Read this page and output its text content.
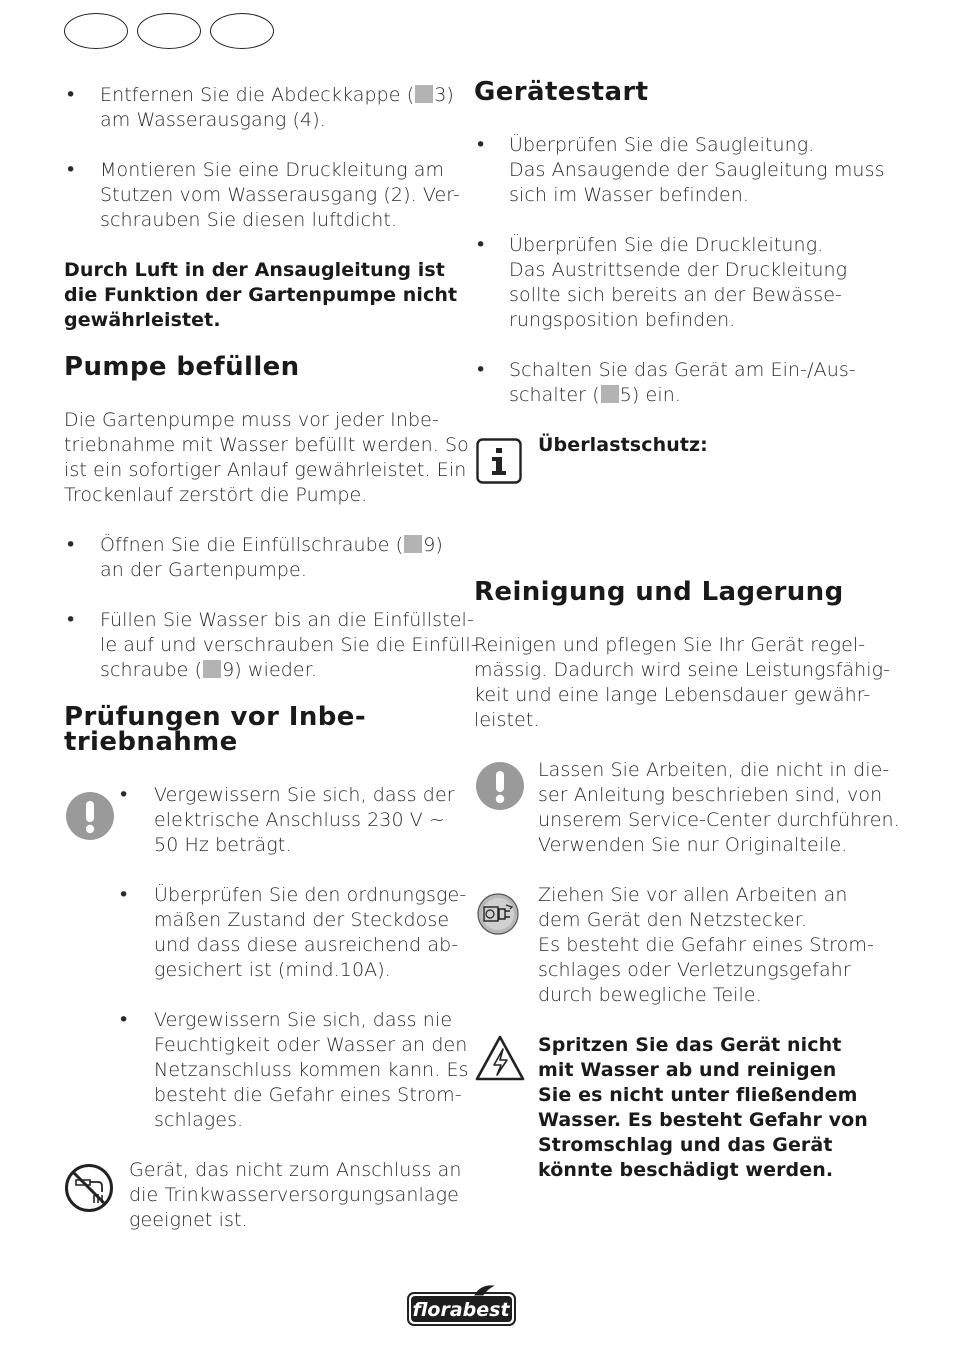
• Entfernen Sie die Abdeckkappe ( 3)
am Wasserausgang (4).

• Montieren Sie eine Druckleitung am
Stutzen vom Wasserausgang (2). Ver-
schrauben Sie diesen luftdicht.

Durch Luft in der Ansaugleitung ist
die Funktion der Gartenpumpe nicht
gewährleistet.

Pumpe befüllen

Die Gartenpumpe muss vor jeder Inbe-
triebnahme mit Wasser befüllt werden. So
ist ein sofortiger Anlauf gewährleistet. Ein
Trockenlauf zerstört die Pumpe.

• Öffnen Sie die Einfüllschraube ( 9)
an der Gartenpumpe.

• Füllen Sie Wasser bis an die Einfüllstel-
le auf und verschrauben Sie die Einfüll-
schraube ( 9) wieder.

Prüfungen vor Inbe-
triebnahme
• Vergewissern Sie sich, dass der
elektrische Anschluss 230 V ~
50 Hz beträgt.

• Überprüfen Sie den ordnungsge-
mäßen Zustand der Steckdose
und dass diese ausreichend ab-
gesichert ist (mind.10A).

• Vergewissern Sie sich, dass nie
Feuchtigkeit oder Wasser an den
Netzanschluss kommen kann. Es
besteht die Gefahr eines Strom-
schlages.

Gerät, das nicht zum Anschluss an
die Trinkwasserversorgungsanlage
geeignet ist.

Gerätestart
• Überprüfen Sie die Saugleitung.
Das Ansaugende der Saugleitung muss
sich im Wasser befinden.

• Überprüfen Sie die Druckleitung.
Das Austrittsende der Druckleitung
sollte sich bereits an der Bewässe-
rungsposition befinden.

• Schalten Sie das Gerät am Ein-/Aus-
schalter ( 5) ein.

Überlastschutz:

Reinigung und Lagerung

Reinigen und pflegen Sie Ihr Gerät regel-
mässig. Dadurch wird seine Leistungsfähig-
keit und eine lange Lebensdauer gewähr-
leistet.

Lassen Sie Arbeiten, die nicht in die-
ser Anleitung beschrieben sind, von
unserem Service-Center durchführen.
Verwenden Sie nur Originalteile.

Ziehen Sie vor allen Arbeiten an
dem Gerät den Netzstecker.
Es besteht die Gefahr eines Strom-
schlages oder Verletzungsgefahr
durch bewegliche Teile.

Spritzen Sie das Gerät nicht
mit Wasser ab und reinigen
Sie es nicht unter fließendem
Wasser. Es besteht Gefahr von
Stromschlag und das Gerät
könnte beschädigt werden.

florabest
